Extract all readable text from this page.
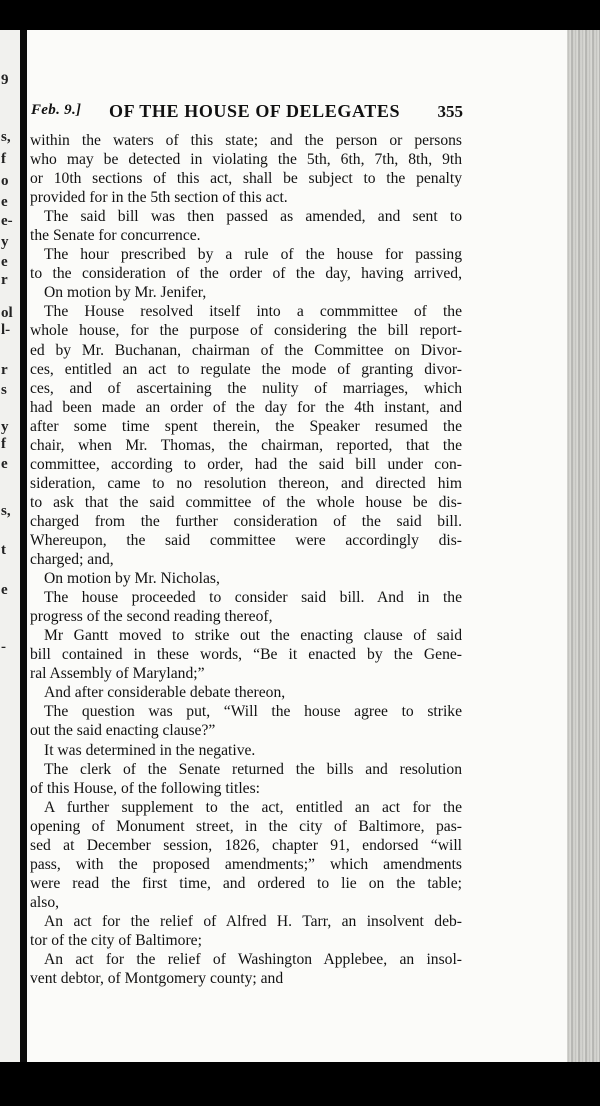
9
s,
f
o
e
e-
y
e
r
ol
l-
r
s
y
f
e
s,
t
e
-
Feb. 9.] OF THE HOUSE OF DELEGATES 355
within the waters of this state; and the person or persons
who may be detected in violating the 5th, 6th, 7th, 8th, 9th
or 10th sections of this act, shall be subject to the penalty
provided for in the 5th section of this act.
The said bill was then passed as amended, and sent to
the Senate for concurrence.
The hour prescribed by a rule of the house for passing
to the consideration of the order of the day, having arrived,
On motion by Mr. Jenifer,
The House resolved itself into a commmittee of the
whole house, for the purpose of considering the bill report-
ed by Mr. Buchanan, chairman of the Committee on Divor-
ces, entitled an act to regulate the mode of granting divor-
ces, and of ascertaining the nulity of marriages, which
had been made an order of the day for the 4th instant, and
after some time spent therein, the Speaker resumed the
chair, when Mr. Thomas, the chairman, reported, that the
committee, according to order, had the said bill under con-
sideration, came to no resolution thereon, and directed him
to ask that the said committee of the whole house be dis-
charged from the further consideration of the said bill.
Whereupon, the said committee were accordingly dis-
charged; and,
On motion by Mr. Nicholas,
The house proceeded to consider said bill. And in the
progress of the second reading thereof,
Mr Gantt moved to strike out the enacting clause of said
bill contained in these words, “Be it enacted by the Gene-
ral Assembly of Maryland;”
And after considerable debate thereon,
The question was put, “Will the house agree to strike
out the said enacting clause?”
It was determined in the negative.
The clerk of the Senate returned the bills and resolution
of this House, of the following titles:
A further supplement to the act, entitled an act for the
opening of Monument street, in the city of Baltimore, pas-
sed at December session, 1826, chapter 91, endorsed “will
pass, with the proposed amendments;” which amendments
were read the first time, and ordered to lie on the table;
also,
An act for the relief of Alfred H. Tarr, an insolvent deb-
tor of the city of Baltimore;
An act for the relief of Washington Applebee, an insol-
vent debtor, of Montgomery county; and
